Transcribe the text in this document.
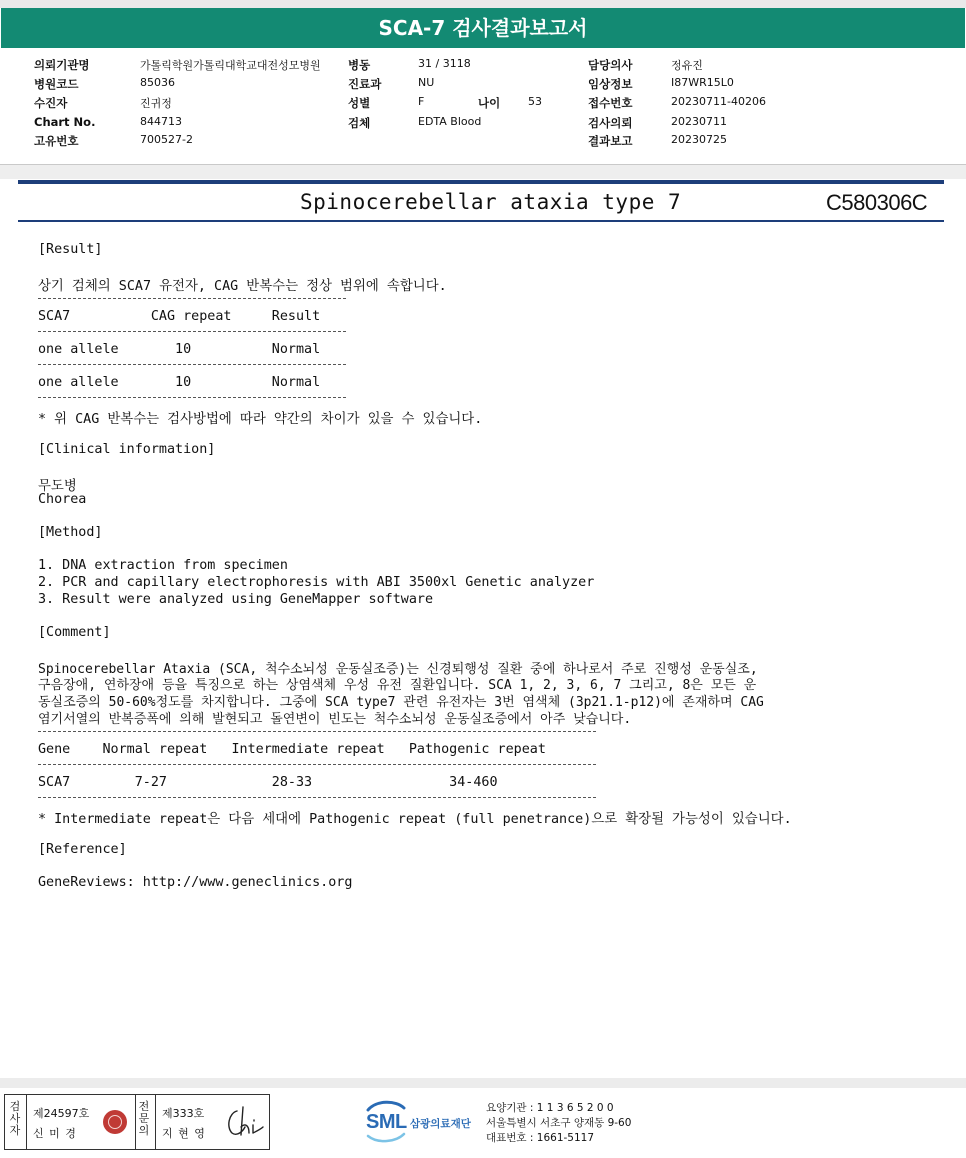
SCA-7 검사결과보고서
의뢰기관명	가톨릭학원가톨릭대학교대전성모병원 병동	31 / 3118	담당의사	정유진
병원코드	85036	진료과	NU	임상정보	I87WR15L0
수진자	진귀정	성별	F	나이	53	접수번호	20230711-40206
Chart No.	844713	검체	EDTA Blood	검사의뢰	20230711
고유번호	700527-2	결과보고	20230725
Spinocerebellar ataxia type 7	C580306C
[Result]
상기 검체의 SCA7 유전자, CAG 반복수는 정상 범위에 속합니다.
SCA7          CAG repeat     Result
one allele       10          Normal
one allele       10          Normal
* 위 CAG 반복수는 검사방법에 따라 약간의 차이가 있을 수 있습니다.
[Clinical information]
무도병
Chorea
[Method]
1. DNA extraction from specimen
2. PCR and capillary electrophoresis with ABI 3500xl Genetic analyzer
3. Result were analyzed using GeneMapper software
[Comment]
Spinocerebellar Ataxia (SCA, 척수소뇌성 운동실조증)는 신경퇴행성 질환 중에 하나로서 주로 진행성 운동실조,
구음장애, 연하장애 등을 특징으로 하는 상염색체 우성 유전 질환입니다. SCA 1, 2, 3, 6, 7 그리고, 8은 모든 운
동실조증의 50-60%정도를 차지합니다. 그중에 SCA type7 관련 유전자는 3번 염색체 (3p21.1-p12)에 존재하며 CAG
염기서열의 반복증폭에 의해 발현되고 돌연변이 빈도는 척수소뇌성 운동실조증에서 아주 낮습니다.
Gene    Normal repeat   Intermediate repeat   Pathogenic repeat
SCA7        7-27             28-33                 34-460
* Intermediate repeat은 다음 세대에 Pathogenic repeat (full penetrance)으로 확장될 가능성이 있습니다.
[Reference]
GeneReviews: http://www.geneclinics.org
검
사
자
제24597호
신 미 경
전
문
의
제333호
지 현 영
SML 삼광의료재단
요양기관 : 1 1 3 6 5 2 0 0
서울특별시 서초구 양재동 9-60
대표번호 : 1661-5117
